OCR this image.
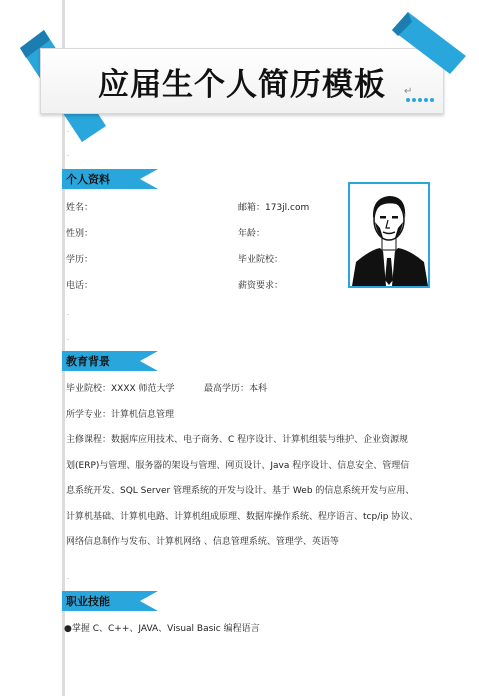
应届生个人简历模板	↵
.
.
个人资料
姓名：
性别：
学历：
电话：
邮箱：173jl.com
年龄：
毕业院校：
薪资要求：
.
.
教育背景
毕业院校：XXXX 师范大学	最高学历：本科
所学专业：计算机信息管理
主修课程：数据库应用技术、电子商务、C 程序设计、计算机组装与维护、企业资源规
划(ERP)与管理、服务器的架设与管理、网页设计、Java 程序设计、信息安全、管理信
息系统开发、SQL Server 管理系统的开发与设计、基于 Web 的信息系统开发与应用、
计算机基础、计算机电路、计算机组成原理、数据库操作系统、程序语言、tcp/ip 协议、
网络信息制作与发布、计算机网络 、信息管理系统、管理学、英语等
.
职业技能
●掌握 C、C++、JAVA、Visual Basic 编程语言
